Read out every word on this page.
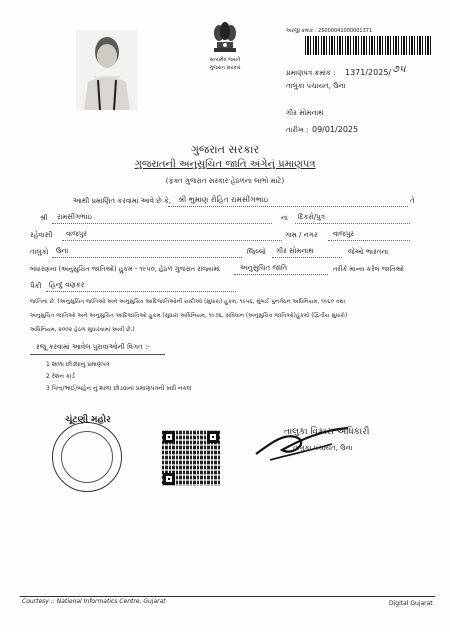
સત્યમેવ જયતે
ગુજરાત સરકાર
અરજી ક્રમાંક : 25000041000001371
પ્રમાણપત્ર ક્રમાંક : 1371/2025/ ૭૫
તાલુકા પંચાયત, ઉના
ગીર સોમનાથ
તારીખ : 09/01/2025
ગુજરાત સરકાર
ગુજરાતની અનુસુચિત જાતિ અંગેનું પ્રમાણપત્ર
(ફક્ત ગુજરાત સરકાર હેઠળના લાભો માટે)
આથી પ્રમાણિત કરવામાં આવે છે કે, શ્રી ભુમાણ રોહિત રામસીંગભાઇ	તે
શ્રી રામસીંગભાઇ	ના દિકરો/પુત્ર
રહેવાસી વાજપુર	ગામ / નગર વાજપુર
તાલુકો ઉના	જિલ્લો ગીર સોમનાથ	જેઓ ભારતના
બંધારણના (અનુસુચિત જાતિઓ) હુકમ - ૧૯૫૦, હેઠળ ગુજરાત રાજ્યમાં	અનુસુચિત જાતિ	તરીકે માન્ય કરેલ જાતિઓ
પૈકી હિન્દુ વણકર
જાતિના છે. (અનુસુચિત જાતિઓ અને અનુસુચિત આદિજાતિઓની યાદીઓ (સુધારા) હુકમ, ૧૯૫૬, મુંબઈ પુનર્ગઠન અધિનિયમ, ૧૯૬૦ તથા
અનુસુચિત જાતિઓ અને અનુસુચિત આદિજાતિઓ હુકમ (સુધારા અધિનિયમ, ૧૯૭૬, સંવિધાન (અનુસુચિત જાતિઓ)હુકમો (દ્વિતીય સુધારો)
અધિનિયમ, ૨૦૦૨ હેઠળ સુધારવામાં આવી છે.)
રજૂ કરવામાં આવેલ પુરાવાઓની વિગત :-
1 શાળા છોડ્યાનું પ્રમાણપત્ર
2 રેશન કાર્ડ
3 પિતા/ભાઈ/બહેન નું શાળા છોડવાનાં પ્રમાણપત્રની ખરી નકલ
ચૂંટણી મહોર
તાલુકા વિકાસ અધિકારી
તાલુકા પંચાયત, ઉના
Courtesy :: National Informatics Centre, Gujarat	Digital Gujarat
